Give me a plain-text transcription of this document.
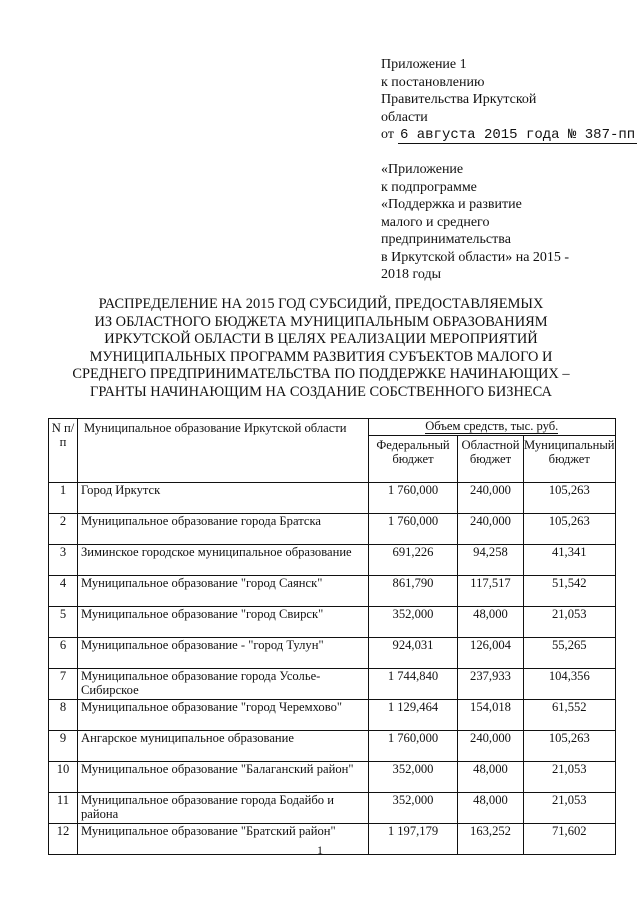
Приложение 1
к постановлению
Правительства Иркутской
области
от 6 августа 2015 года № 387-пп
«Приложение
к подпрограмме
«Поддержка и развитие
малого и среднего
предпринимательства
в Иркутской области» на 2015 -
2018 годы
РАСПРЕДЕЛЕНИЕ НА 2015 ГОД СУБСИДИЙ, ПРЕДОСТАВЛЯЕМЫХ
ИЗ ОБЛАСТНОГО БЮДЖЕТА МУНИЦИПАЛЬНЫМ ОБРАЗОВАНИЯМ
ИРКУТСКОЙ ОБЛАСТИ В ЦЕЛЯХ РЕАЛИЗАЦИИ МЕРОПРИЯТИЙ
МУНИЦИПАЛЬНЫХ ПРОГРАММ РАЗВИТИЯ СУБЪЕКТОВ МАЛОГО И
СРЕДНЕГО ПРЕДПРИНИМАТЕЛЬСТВА ПО ПОДДЕРЖКЕ НАЧИНАЮЩИХ –
ГРАНТЫ НАЧИНАЮЩИМ НА СОЗДАНИЕ СОБСТВЕННОГО БИЗНЕСА
N п/п	Муниципальное образование Иркутской области	Объем средств, тыс. руб.		
		Федеральный бюджет	Областной бюджет	Муниципальный бюджет
1	Город Иркутск	1 760,000	240,000	105,263
2	Муниципальное образование города Братска	1 760,000	240,000	105,263
3	Зиминское городское муниципальное образование	691,226	94,258	41,341
4	Муниципальное образование "город Саянск"	861,790	117,517	51,542
5	Муниципальное образование "город Свирск"	352,000	48,000	21,053
6	Муниципальное образование - "город Тулун"	924,031	126,004	55,265
7	Муниципальное образование города Усолье-Сибирское	1 744,840	237,933	104,356
8	Муниципальное образование "город Черемхово"	1 129,464	154,018	61,552
9	Ангарское муниципальное образование	1 760,000	240,000	105,263
10	Муниципальное образование "Балаганский район"	352,000	48,000	21,053
11	Муниципальное образование города Бодайбо и района	352,000	48,000	21,053
12	Муниципальное образование "Братский район"	1 197,179	163,252	71,602
1
